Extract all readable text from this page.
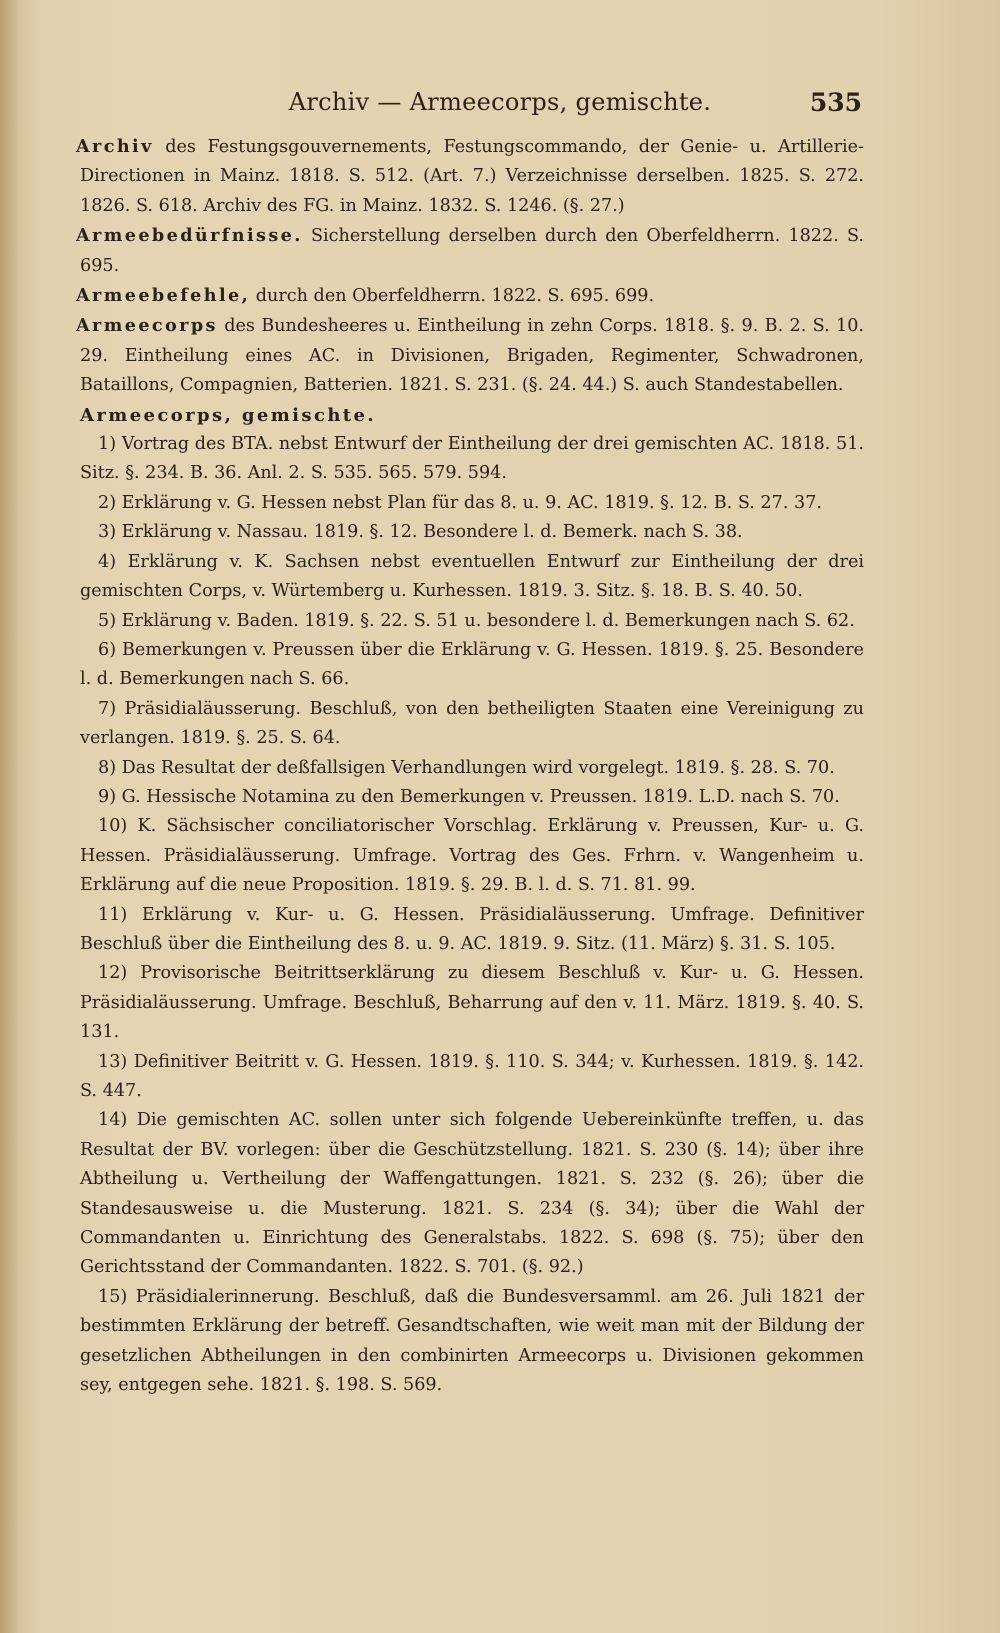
Archiv — Armeecorps, gemischte.	535

Archiv des Festungsgouvernements, Festungscommando, der Genie- u. Artillerie-Directionen in Mainz. 1818. S. 512. (Art. 7.) Verzeichnisse derselben. 1825. S. 272. 1826. S. 618. Archiv des FG. in Mainz. 1832. S. 1246. (§. 27.)

Armeebedürfnisse. Sicherstellung derselben durch den Oberfeldherrn. 1822. S. 695.

Armeebefehle, durch den Oberfeldherrn. 1822. S. 695. 699.

Armeecorps des Bundesheeres u. Eintheilung in zehn Corps. 1818. §. 9. B. 2. S. 10. 29. Eintheilung eines AC. in Divisionen, Brigaden, Regimenter, Schwadronen, Bataillons, Compagnien, Batterien. 1821. S. 231. (§. 24. 44.) S. auch Standestabellen.

Armeecorps, gemischte.

1) Vortrag des BTA. nebst Entwurf der Eintheilung der drei gemischten AC. 1818. 51. Sitz. §. 234. B. 36. Anl. 2. S. 535. 565. 579. 594.

2) Erklärung v. G. Hessen nebst Plan für das 8. u. 9. AC. 1819. §. 12. B. S. 27. 37.

3) Erklärung v. Nassau. 1819. §. 12. Besondere l. d. Bemerk. nach S. 38.

4) Erklärung v. K. Sachsen nebst eventuellen Entwurf zur Eintheilung der drei gemischten Corps, v. Würtemberg u. Kurhessen. 1819. 3. Sitz. §. 18. B. S. 40. 50.

5) Erklärung v. Baden. 1819. §. 22. S. 51 u. besondere l. d. Bemerkungen nach S. 62.

6) Bemerkungen v. Preussen über die Erklärung v. G. Hessen. 1819. §. 25. Besondere l. d. Bemerkungen nach S. 66.

7) Präsidialäusserung. Beschluß, von den betheiligten Staaten eine Vereinigung zu verlangen. 1819. §. 25. S. 64.

8) Das Resultat der deßfallsigen Verhandlungen wird vorgelegt. 1819. §. 28. S. 70.

9) G. Hessische Notamina zu den Bemerkungen v. Preussen. 1819. L.D. nach S. 70.

10) K. Sächsischer conciliatorischer Vorschlag. Erklärung v. Preussen, Kur- u. G. Hessen. Präsidialäusserung. Umfrage. Vortrag des Ges. Frhrn. v. Wangenheim u. Erklärung auf die neue Proposition. 1819. §. 29. B. l. d. S. 71. 81. 99.

11) Erklärung v. Kur- u. G. Hessen. Präsidialäusserung. Umfrage. Definitiver Beschluß über die Eintheilung des 8. u. 9. AC. 1819. 9. Sitz. (11. März) §. 31. S. 105.

12) Provisorische Beitrittserklärung zu diesem Beschluß v. Kur- u. G. Hessen. Präsidialäusserung. Umfrage. Beschluß, Beharrung auf den v. 11. März. 1819. §. 40. S. 131.

13) Definitiver Beitritt v. G. Hessen. 1819. §. 110. S. 344; v. Kurhessen. 1819. §. 142. S. 447.

14) Die gemischten AC. sollen unter sich folgende Uebereinkünfte treffen, u. das Resultat der BV. vorlegen: über die Geschützstellung. 1821. S. 230 (§. 14); über ihre Abtheilung u. Vertheilung der Waffengattungen. 1821. S. 232 (§. 26); über die Standesausweise u. die Musterung. 1821. S. 234 (§. 34); über die Wahl der Commandanten u. Einrichtung des Generalstabs. 1822. S. 698 (§. 75); über den Gerichtsstand der Commandanten. 1822. S. 701. (§. 92.)

15) Präsidialerinnerung. Beschluß, daß die Bundesversamml. am 26. Juli 1821 der bestimmten Erklärung der betreff. Gesandtschaften, wie weit man mit der Bildung der gesetzlichen Abtheilungen in den combinirten Armeecorps u. Divisionen gekommen sey, entgegen sehe. 1821. §. 198. S. 569.
